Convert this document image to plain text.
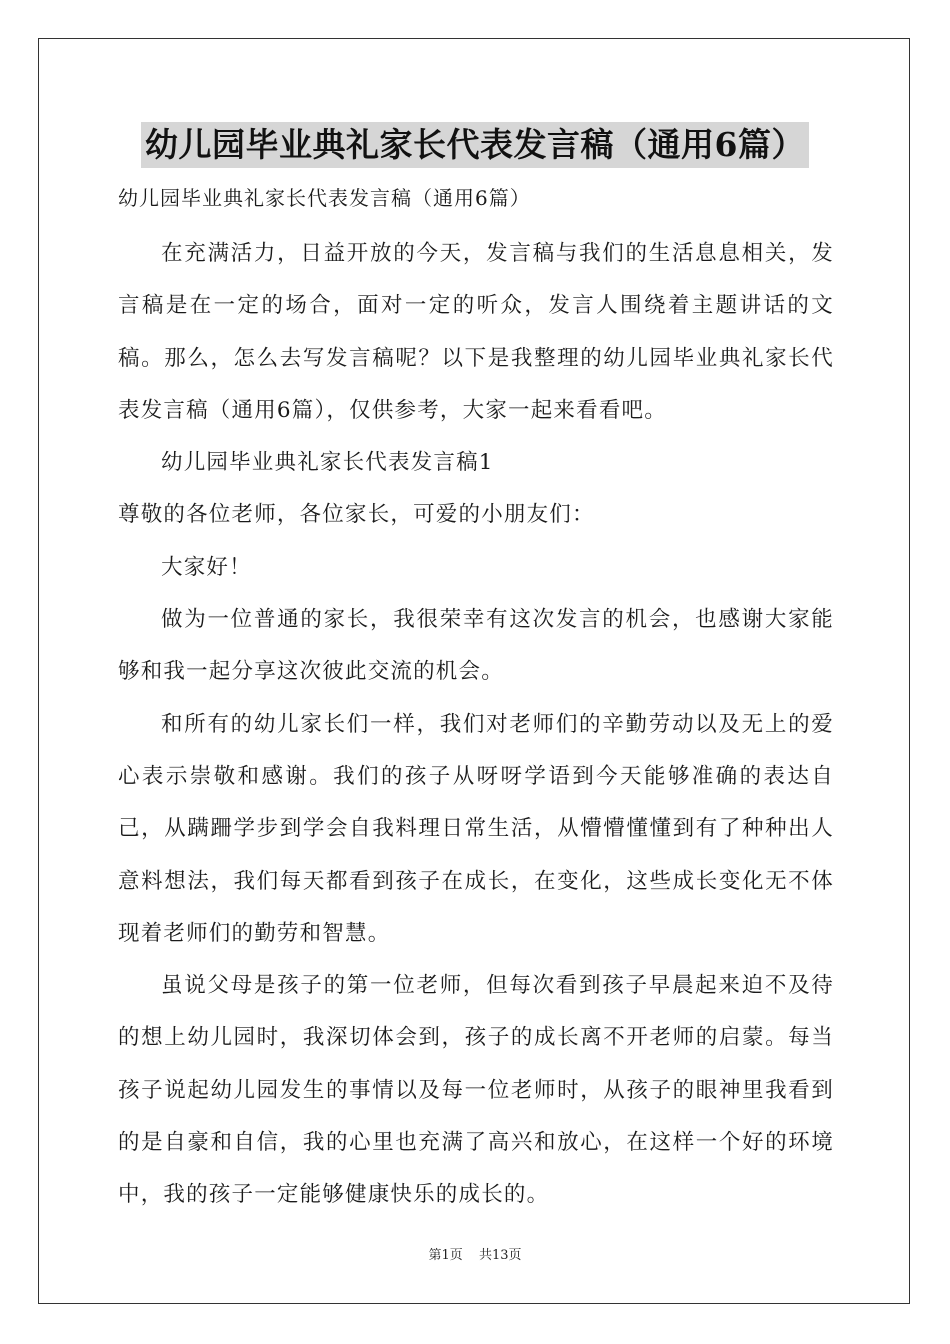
幼儿园毕业典礼家长代表发言稿（通用6篇）

幼儿园毕业典礼家长代表发言稿（通用6篇）

在充满活力，日益开放的今天，发言稿与我们的生活息息相关，发言稿是在一定的场合，面对一定的听众，发言人围绕着主题讲话的文稿。那么，怎么去写发言稿呢？以下是我整理的幼儿园毕业典礼家长代表发言稿（通用6篇），仅供参考，大家一起来看看吧。

幼儿园毕业典礼家长代表发言稿1

尊敬的各位老师，各位家长，可爱的小朋友们：

大家好！

做为一位普通的家长，我很荣幸有这次发言的机会，也感谢大家能够和我一起分享这次彼此交流的机会。

和所有的幼儿家长们一样，我们对老师们的辛勤劳动以及无上的爱心表示崇敬和感谢。我们的孩子从呀呀学语到今天能够准确的表达自己，从蹒跚学步到学会自我料理日常生活，从懵懵懂懂到有了种种出人意料想法，我们每天都看到孩子在成长，在变化，这些成长变化无不体现着老师们的勤劳和智慧。

虽说父母是孩子的第一位老师，但每次看到孩子早晨起来迫不及待的想上幼儿园时，我深切体会到，孩子的成长离不开老师的启蒙。每当孩子说起幼儿园发生的事情以及每一位老师时，从孩子的眼神里我看到的是自豪和自信，我的心里也充满了高兴和放心，在这样一个好的环境中，我的孩子一定能够健康快乐的成长的。

第1页 共13页
